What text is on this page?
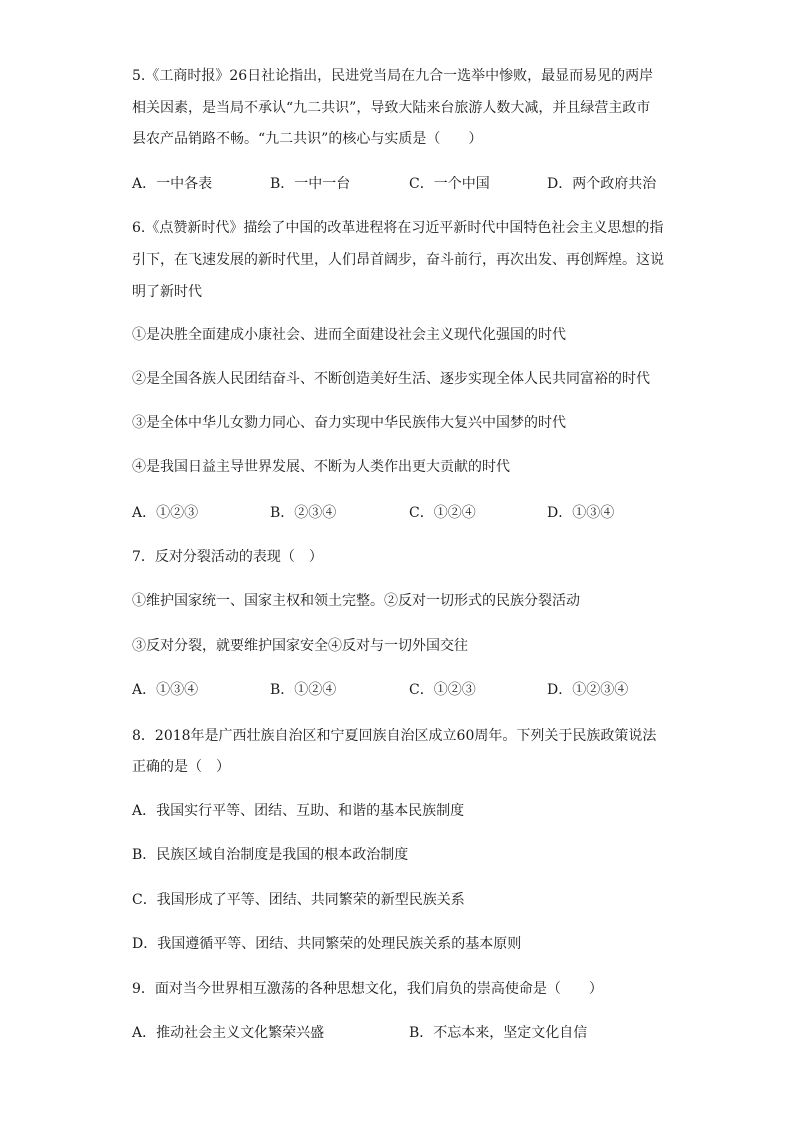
5.《工商时报》26日社论指出，民进党当局在九合一选举中惨败，最显而易见的两岸
相关因素，是当局不承认“九二共识”，导致大陆来台旅游人数大减，并且绿营主政市
县农产品销路不畅。“九二共识”的核心与实质是（　　）
A．一中各表	B．一中一台	C．一个中国	D．两个政府共治
6.《点赞新时代》描绘了中国的改革进程将在习近平新时代中国特色社会主义思想的指
引下，在飞速发展的新时代里，人们昂首阔步，奋斗前行，再次出发、再创辉煌。这说
明了新时代
①是决胜全面建成小康社会、进而全面建设社会主义现代化强国的时代
②是全国各族人民团结奋斗、不断创造美好生活、逐步实现全体人民共同富裕的时代
③是全体中华儿女勠力同心、奋力实现中华民族伟大复兴中国梦的时代
④是我国日益主导世界发展、不断为人类作出更大贡献的时代
A．①②③	B．②③④	C．①②④	D．①③④
7．反对分裂活动的表现（　）
①维护国家统一、国家主权和领土完整。②反对一切形式的民族分裂活动
③反对分裂，就要维护国家安全④反对与一切外国交往
A．①③④	B．①②④	C．①②③	D．①②③④
8．2018年是广西壮族自治区和宁夏回族自治区成立60周年。下列关于民族政策说法
正确的是（　）
A．我国实行平等、团结、互助、和谐的基本民族制度
B．民族区域自治制度是我国的根本政治制度
C．我国形成了平等、团结、共同繁荣的新型民族关系
D．我国遵循平等、团结、共同繁荣的处理民族关系的基本原则
9．面对当今世界相互激荡的各种思想文化，我们肩负的崇高使命是（　　）
A．推动社会主义文化繁荣兴盛	B．不忘本来，坚定文化自信
